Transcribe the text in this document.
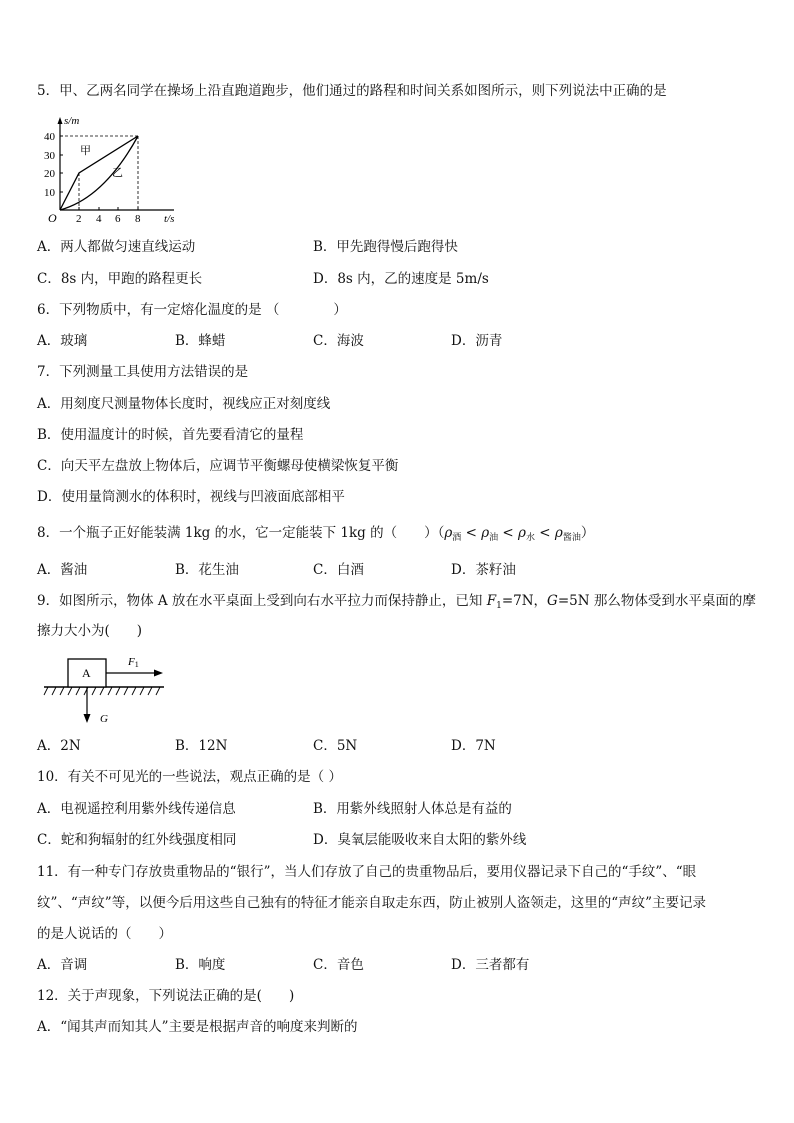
5．甲、乙两名同学在操场上沿直跑道跑步，他们通过的路程和时间关系如图所示，则下列说法中正确的是
s/m
t/s
O
10
20
30
40
2 4 6 8
甲
乙
A．两人都做匀速直线运动	B．甲先跑得慢后跑得快
C．8s 内，甲跑的路程更长	D．8s 内，乙的速度是 5m/s
6．下列物质中，有一定熔化温度的是 （　　　　）
A．玻璃	B．蜂蜡	C．海波	D．沥青
7．下列测量工具使用方法错误的是
A．用刻度尺测量物体长度时，视线应正对刻度线
B．使用温度计的时候，首先要看清它的量程
C．向天平左盘放上物体后，应调节平衡螺母使横梁恢复平衡
D．使用量筒测水的体积时，视线与凹液面底部相平
8．一个瓶子正好能装满 1kg 的水，它一定能装下 1kg 的（　　）$(\rho_酒 < \rho_油 < \rho_水 < \rho_{酱油})$
A．酱油	B．花生油	C．白酒	D．茶籽油
9．如图所示，物体 A 放在水平桌面上受到向右水平拉力而保持静止，已知 $F_1=7N$，G=5N 那么物体受到水平桌面的摩
擦力大小为(　　)
A
F1
G
A．2N	B．12N	C．5N	D．7N
10．有关不可见光的一些说法，观点正确的是（ ）
A．电视遥控利用紫外线传递信息	B．用紫外线照射人体总是有益的
C．蛇和狗辐射的红外线强度相同	D．臭氧层能吸收来自太阳的紫外线
11．有一种专门存放贵重物品的“银行”，当人们存放了自己的贵重物品后，要用仪器记录下自己的“手纹”、“眼
纹”、“声纹”等，以便今后用这些自己独有的特征才能亲自取走东西，防止被别人盗领走，这里的“声纹”主要记录
的是人说话的（　　）
A．音调	B．响度	C．音色	D．三者都有
12．关于声现象，下列说法正确的是(　　)
A．“闻其声而知其人”主要是根据声音的响度来判断的
